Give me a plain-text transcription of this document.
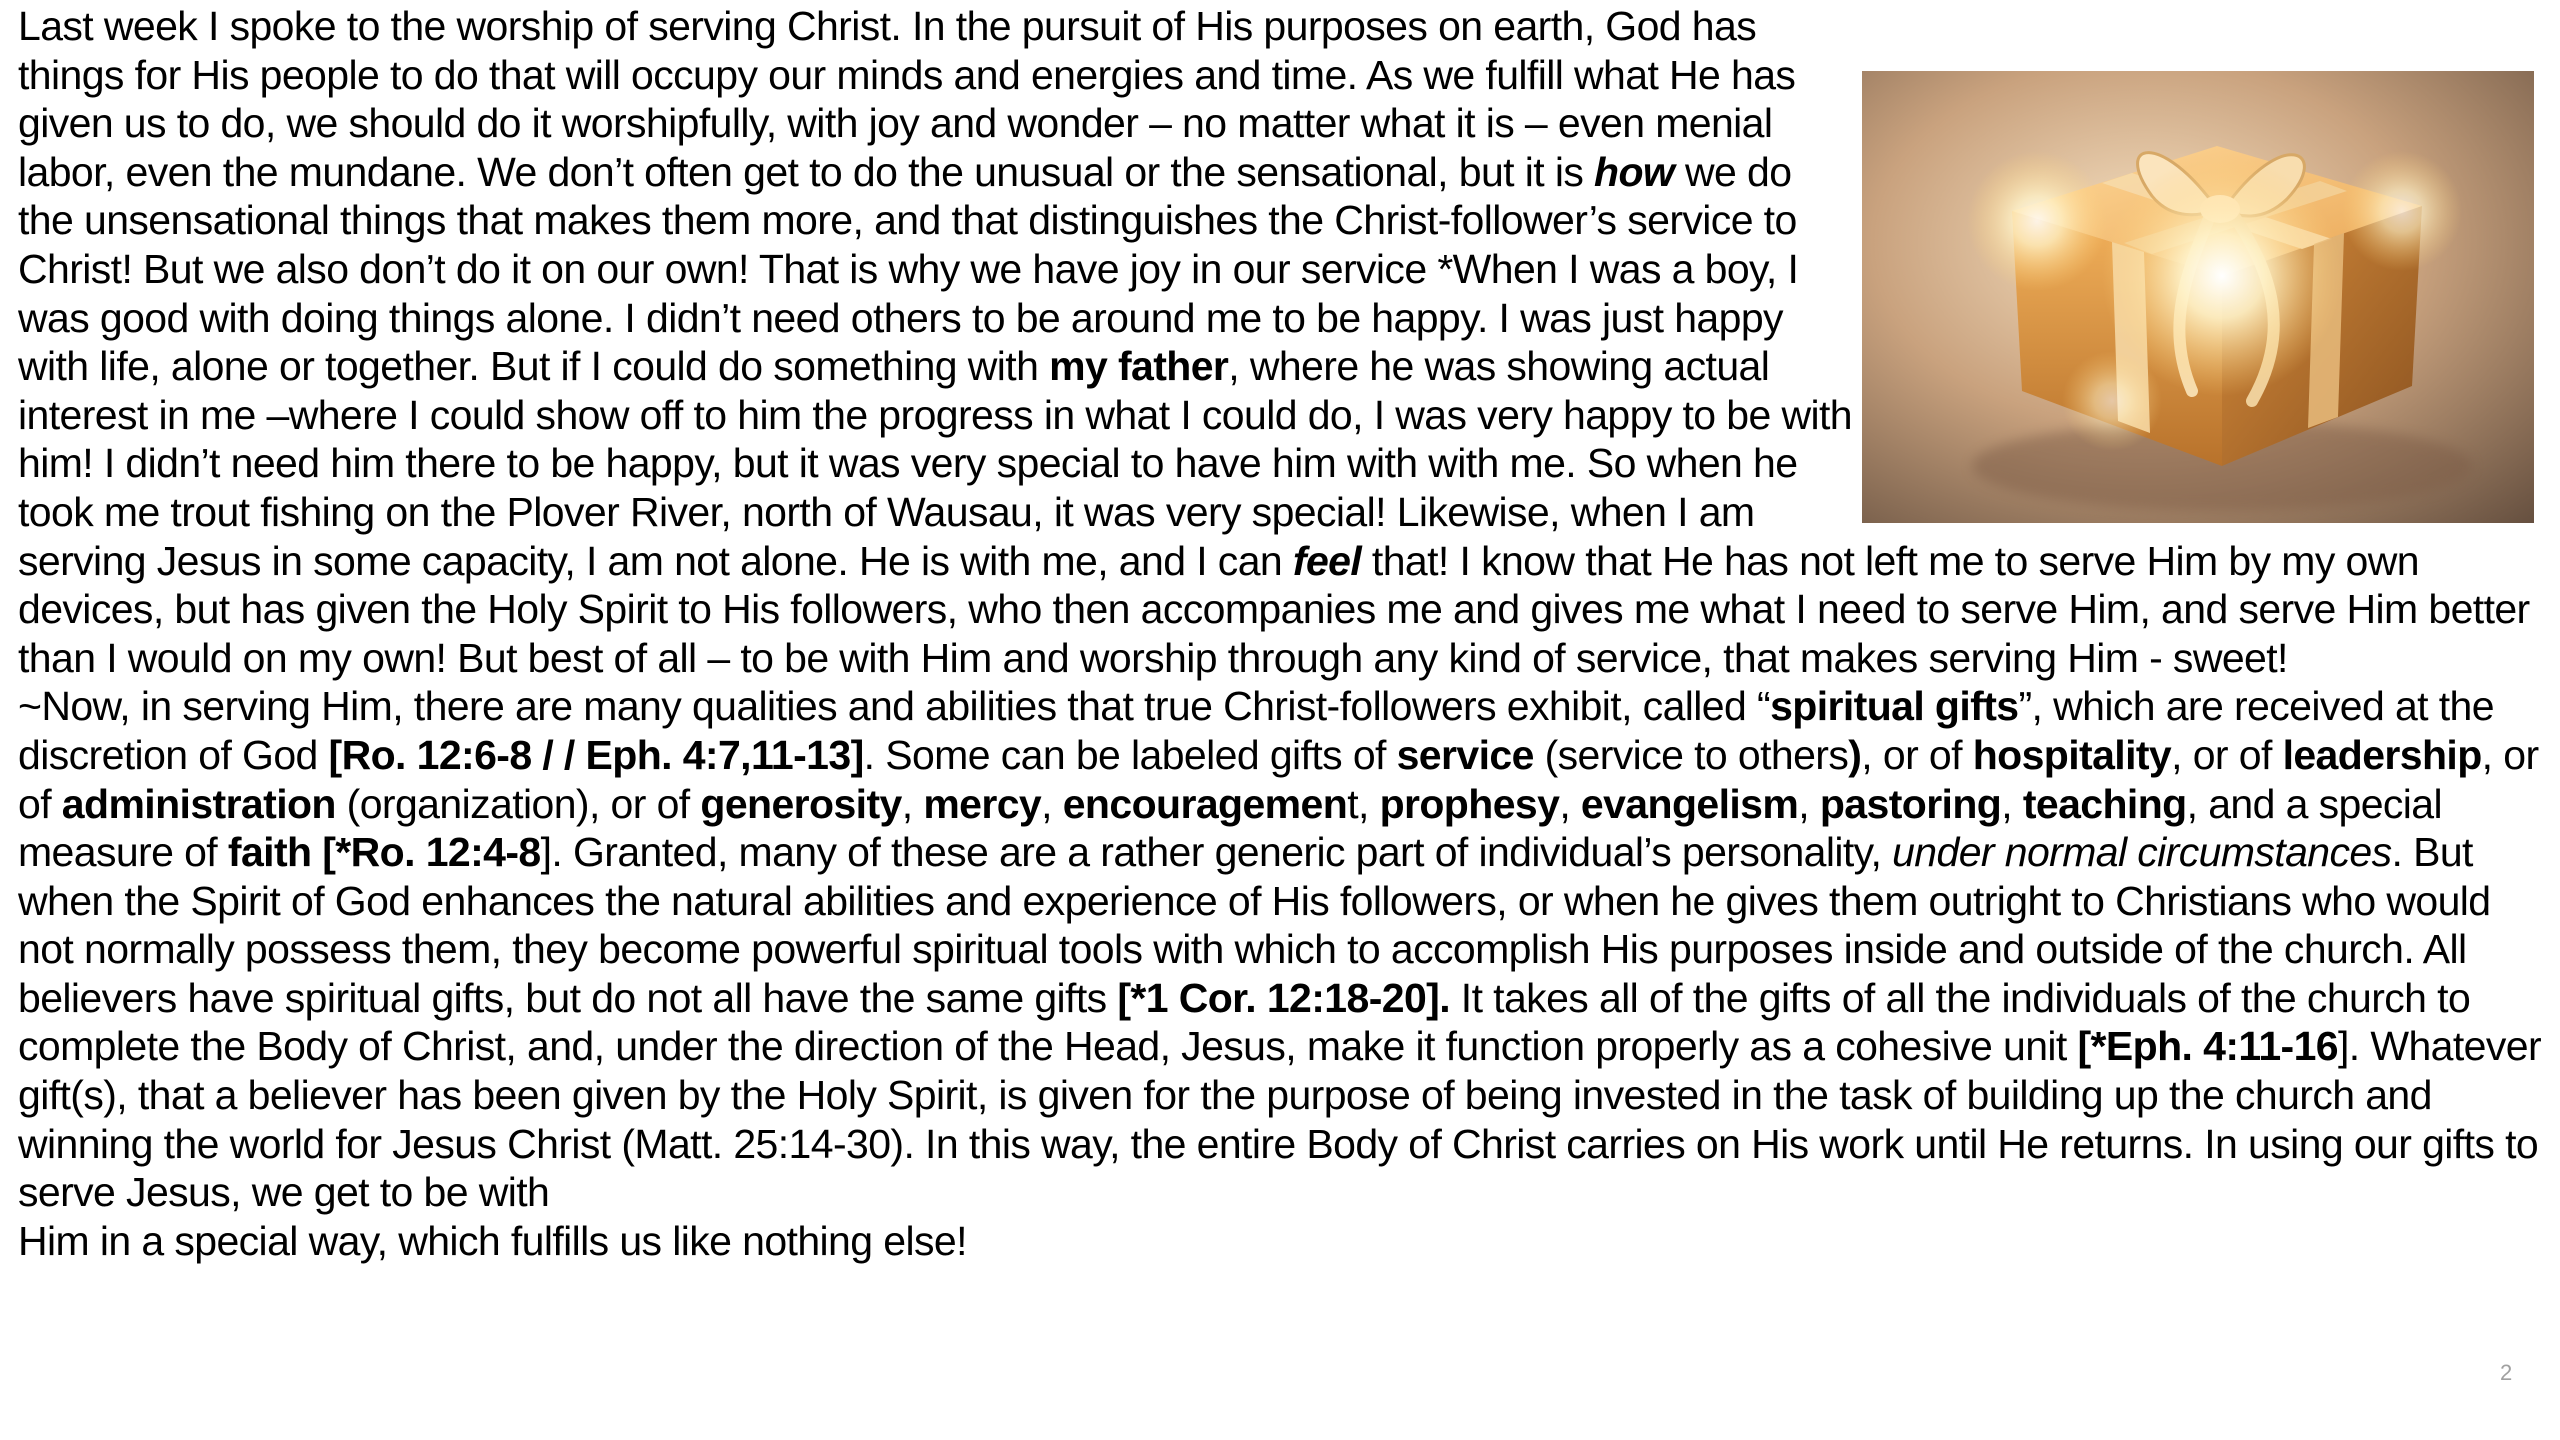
Last week I spoke to the worship of serving Christ. In the pursuit of His purposes on earth, God has things for His people to do that will occupy our minds and energies and time. As we fulfill what He has given us to do, we should do it worshipfully, with joy and wonder – no matter what it is – even menial labor, even the mundane. We don’t often get to do the unusual or the sensational, but it is how we do the unsensational things that makes them more, and that distinguishes the Christ-follower’s service to Christ! But we also don’t do it on our own! That is why we have joy in our service *When I was a boy, I was good with doing things alone. I didn’t need others to be around me to be happy. I was just happy with life, alone or together. But if I could do something with my father, where he was showing actual interest in me –where I could show off to him the progress in what I could do, I was very happy to be with him! I didn’t need him there to be happy, but it was very special to have him with with me. So when he took me trout fishing on the Plover River, north of Wausau, it was very special! Likewise, when I am serving Jesus in some capacity, I am not alone. He is with me, and I can feel that! I know that He has not left me to serve Him by my own devices, but has given the Holy Spirit to His followers, who then accompanies me and gives me what I need to serve Him, and serve Him better than I would on my own! But best of all – to be with Him and worship through any kind of service, that makes serving Him - sweet!

~Now, in serving Him, there are many qualities and abilities that true Christ-followers exhibit, called “spiritual gifts”, which are received at the discretion of God [Ro. 12:6-8 / / Eph. 4:7,11-13]. Some can be labeled gifts of service (service to others), or of hospitality, or of leadership, or of administration (organization), or of generosity, mercy, encouragement, prophesy, evangelism, pastoring, teaching, and a special measure of faith [*Ro. 12:4-8]. Granted, many of these are a rather generic part of individual’s personality, under normal circumstances. But when the Spirit of God enhances the natural abilities and experience of His followers, or when he gives them outright to Christians who would not normally possess them, they become powerful spiritual tools with which to accomplish His purposes inside and outside of the church. All believers have spiritual gifts, but do not all have the same gifts [*1 Cor. 12:18-20]. It takes all of the gifts of all the individuals of the church to complete the Body of Christ, and, under the direction of the Head, Jesus, make it function properly as a cohesive unit [*Eph. 4:11-16]. Whatever gift(s), that a believer has been given by the Holy Spirit, is given for the purpose of being invested in the task of building up the church and winning the world for Jesus Christ (Matt. 25:14-30). In this way, the entire Body of Christ carries on His work until He returns. In using our gifts to serve Jesus, we get to be with

Him in a special way, which fulfills us like nothing else!

2
